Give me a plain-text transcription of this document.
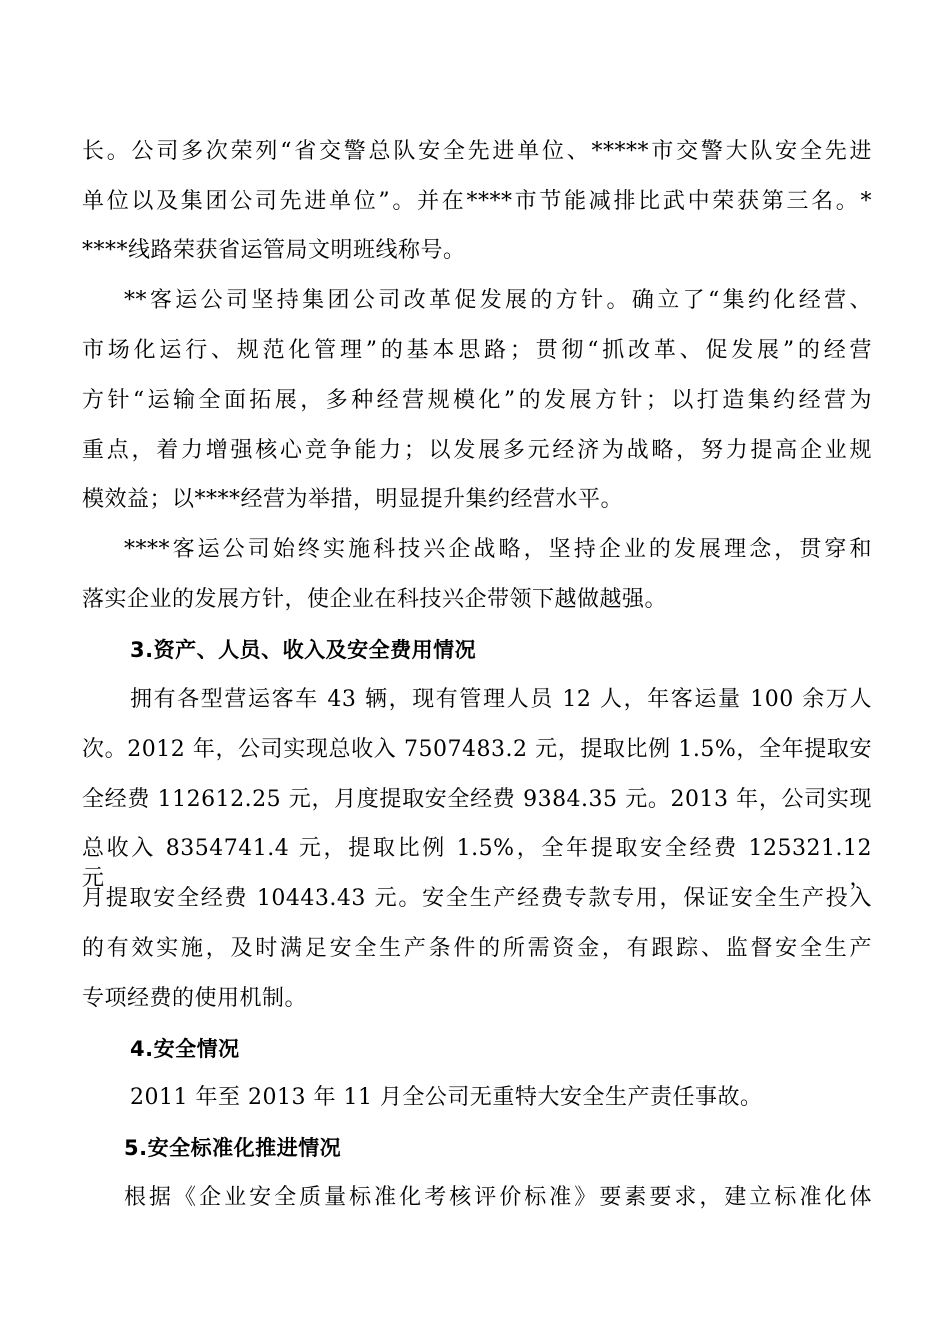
长。公司多次荣列“省交警总队安全先进单位、*****市交警大队安全先进
单位以及集团公司先进单位”。并在****市节能减排比武中荣获第三名。*
****线路荣获省运管局文明班线称号。
**客运公司坚持集团公司改革促发展的方针。确立了“集约化经营、
市场化运行、规范化管理”的基本思路；贯彻“抓改革、促发展”的经营
方针“运输全面拓展，多种经营规模化”的发展方针；以打造集约经营为
重点，着力增强核心竞争能力；以发展多元经济为战略，努力提高企业规
模效益；以****经营为举措，明显提升集约经营水平。
****客运公司始终实施科技兴企战略，坚持企业的发展理念，贯穿和
落实企业的发展方针，使企业在科技兴企带领下越做越强。
3.资产、人员、收入及安全费用情况
拥有各型营运客车 43 辆，现有管理人员 12 人，年客运量 100 余万人
次。2012 年，公司实现总收入 7507483.2 元，提取比例 1.5%，全年提取安
全经费 112612.25 元，月度提取安全经费 9384.35 元。2013 年，公司实现
总收入 8354741.4 元，提取比例 1.5%，全年提取安全经费 125321.12 元，
月提取安全经费 10443.43 元。安全生产经费专款专用，保证安全生产投入
的有效实施，及时满足安全生产条件的所需资金，有跟踪、监督安全生产
专项经费的使用机制。
4.安全情况
2011 年至 2013 年 11 月全公司无重特大安全生产责任事故。
5.安全标准化推进情况
根据《企业安全质量标准化考核评价标准》要素要求，建立标准化体
